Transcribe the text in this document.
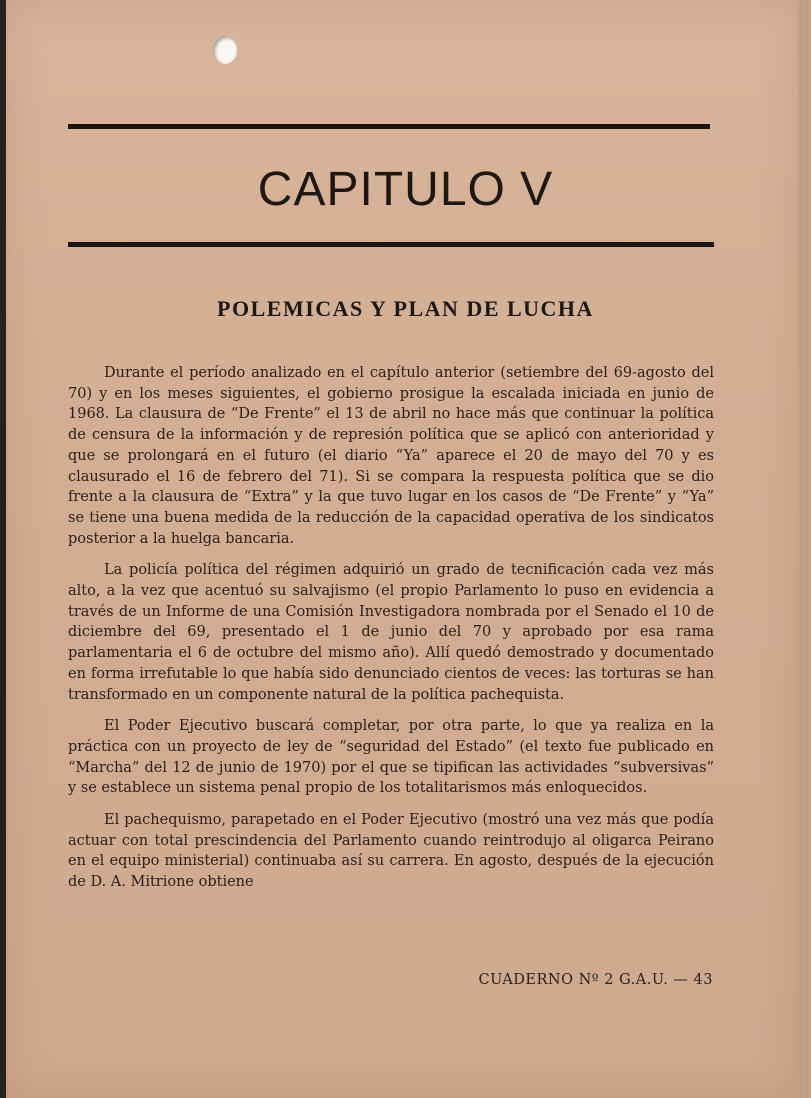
CAPITULO V
POLEMICAS Y PLAN DE LUCHA

Durante el período analizado en el capítulo anterior (setiembre del 69-agosto del 70) y en los meses siguientes, el gobierno prosigue la escalada iniciada en junio de 1968. La clausura de “De Frente” el 13 de abril no hace más que continuar la política de censura de la información y de represión política que se aplicó con anterioridad y que se prolongará en el futuro (el diario “Ya” aparece el 20 de mayo del 70 y es clausurado el 16 de febrero del 71). Si se compara la respuesta política que se dio frente a la clausura de “Extra” y la que tuvo lugar en los casos de “De Frente” y “Ya” se tiene una buena medida de la reducción de la capacidad operativa de los sindicatos posterior a la huelga bancaria.

La policía política del régimen adquirió un grado de tecnificación cada vez más alto, a la vez que acentuó su salvajismo (el propio Parlamento lo puso en evidencia a través de un Informe de una Comisión Investigadora nombrada por el Senado el 10 de diciembre del 69, presentado el 1 de junio del 70 y aprobado por esa rama parlamentaria el 6 de octubre del mismo año). Allí quedó demostrado y documentado en forma irrefutable lo que había sido denunciado cientos de veces: las torturas se han transformado en un componente natural de la política pachequista.

El Poder Ejecutivo buscará completar, por otra parte, lo que ya realiza en la práctica con un proyecto de ley de “seguridad del Estado” (el texto fue publicado en “Marcha” del 12 de junio de 1970) por el que se tipifican las actividades “subversivas” y se establece un sistema penal propio de los totalitarismos más enloquecidos.

El pachequismo, parapetado en el Poder Ejecutivo (mostró una vez más que podía actuar con total prescindencia del Parlamento cuando reintrodujo al oligarca Peirano en el equipo ministerial) continuaba así su carrera. En agosto, después de la ejecución de D. A. Mitrione obtiene

CUADERNO Nº 2 G.A.U. — 43
